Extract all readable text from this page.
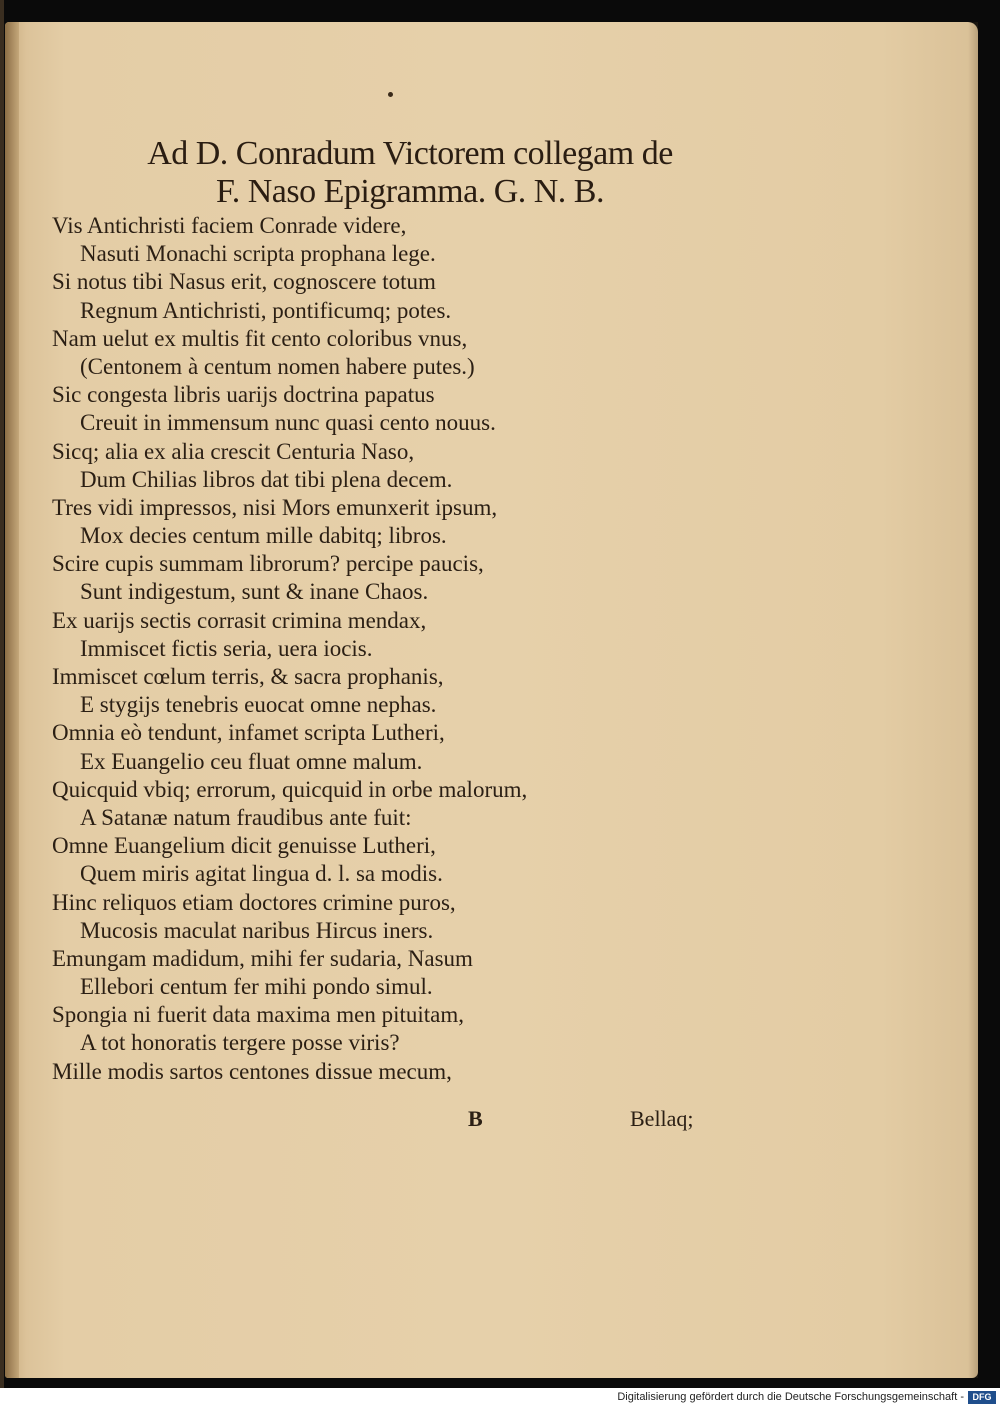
Ad D. Conradum Victorem collegam de
F. Naso Epigramma. G. N. B.
Vis Antichristi faciem Conrade videre,
Nasuti Monachi scripta prophana lege.
Si notus tibi Nasus erit, cognoscere totum
Regnum Antichristi, pontificumq; potes.
Nam uelut ex multis fit cento coloribus vnus,
(Centonem à centum nomen habere putes.)
Sic congesta libris uarijs doctrina papatus
Creuit in immensum nunc quasi cento nouus.
Sicq; alia ex alia crescit Centuria Naso,
Dum Chilias libros dat tibi plena decem.
Tres vidi impressos, nisi Mors emunxerit ipsum,
Mox decies centum mille dabitq; libros.
Scire cupis summam librorum? percipe paucis,
Sunt indigestum, sunt & inane Chaos.
Ex uarijs sectis corrasit crimina mendax,
Immiscet fictis seria, uera iocis.
Immiscet cœlum terris, & sacra prophanis,
E stygijs tenebris euocat omne nephas.
Omnia eò tendunt, infamet scripta Lutheri,
Ex Euangelio ceu fluat omne malum.
Quicquid vbiq; errorum, quicquid in orbe malorum,
A Satanæ natum fraudibus ante fuit:
Omne Euangelium dicit genuisse Lutheri,
Quem miris agitat lingua d. l. sa modis.
Hinc reliquos etiam doctores crimine puros,
Mucosis maculat naribus Hircus iners.
Emungam madidum, mihi fer sudaria, Nasum
Ellebori centum fer mihi pondo simul.
Spongia ni fuerit data maxima men pituitam,
A tot honoratis tergere posse viris?
Mille modis sartos centones dissue mecum,
B	Bellaq;
Digitalisierung gefördert durch die Deutsche Forschungsgemeinschaft - DFG
